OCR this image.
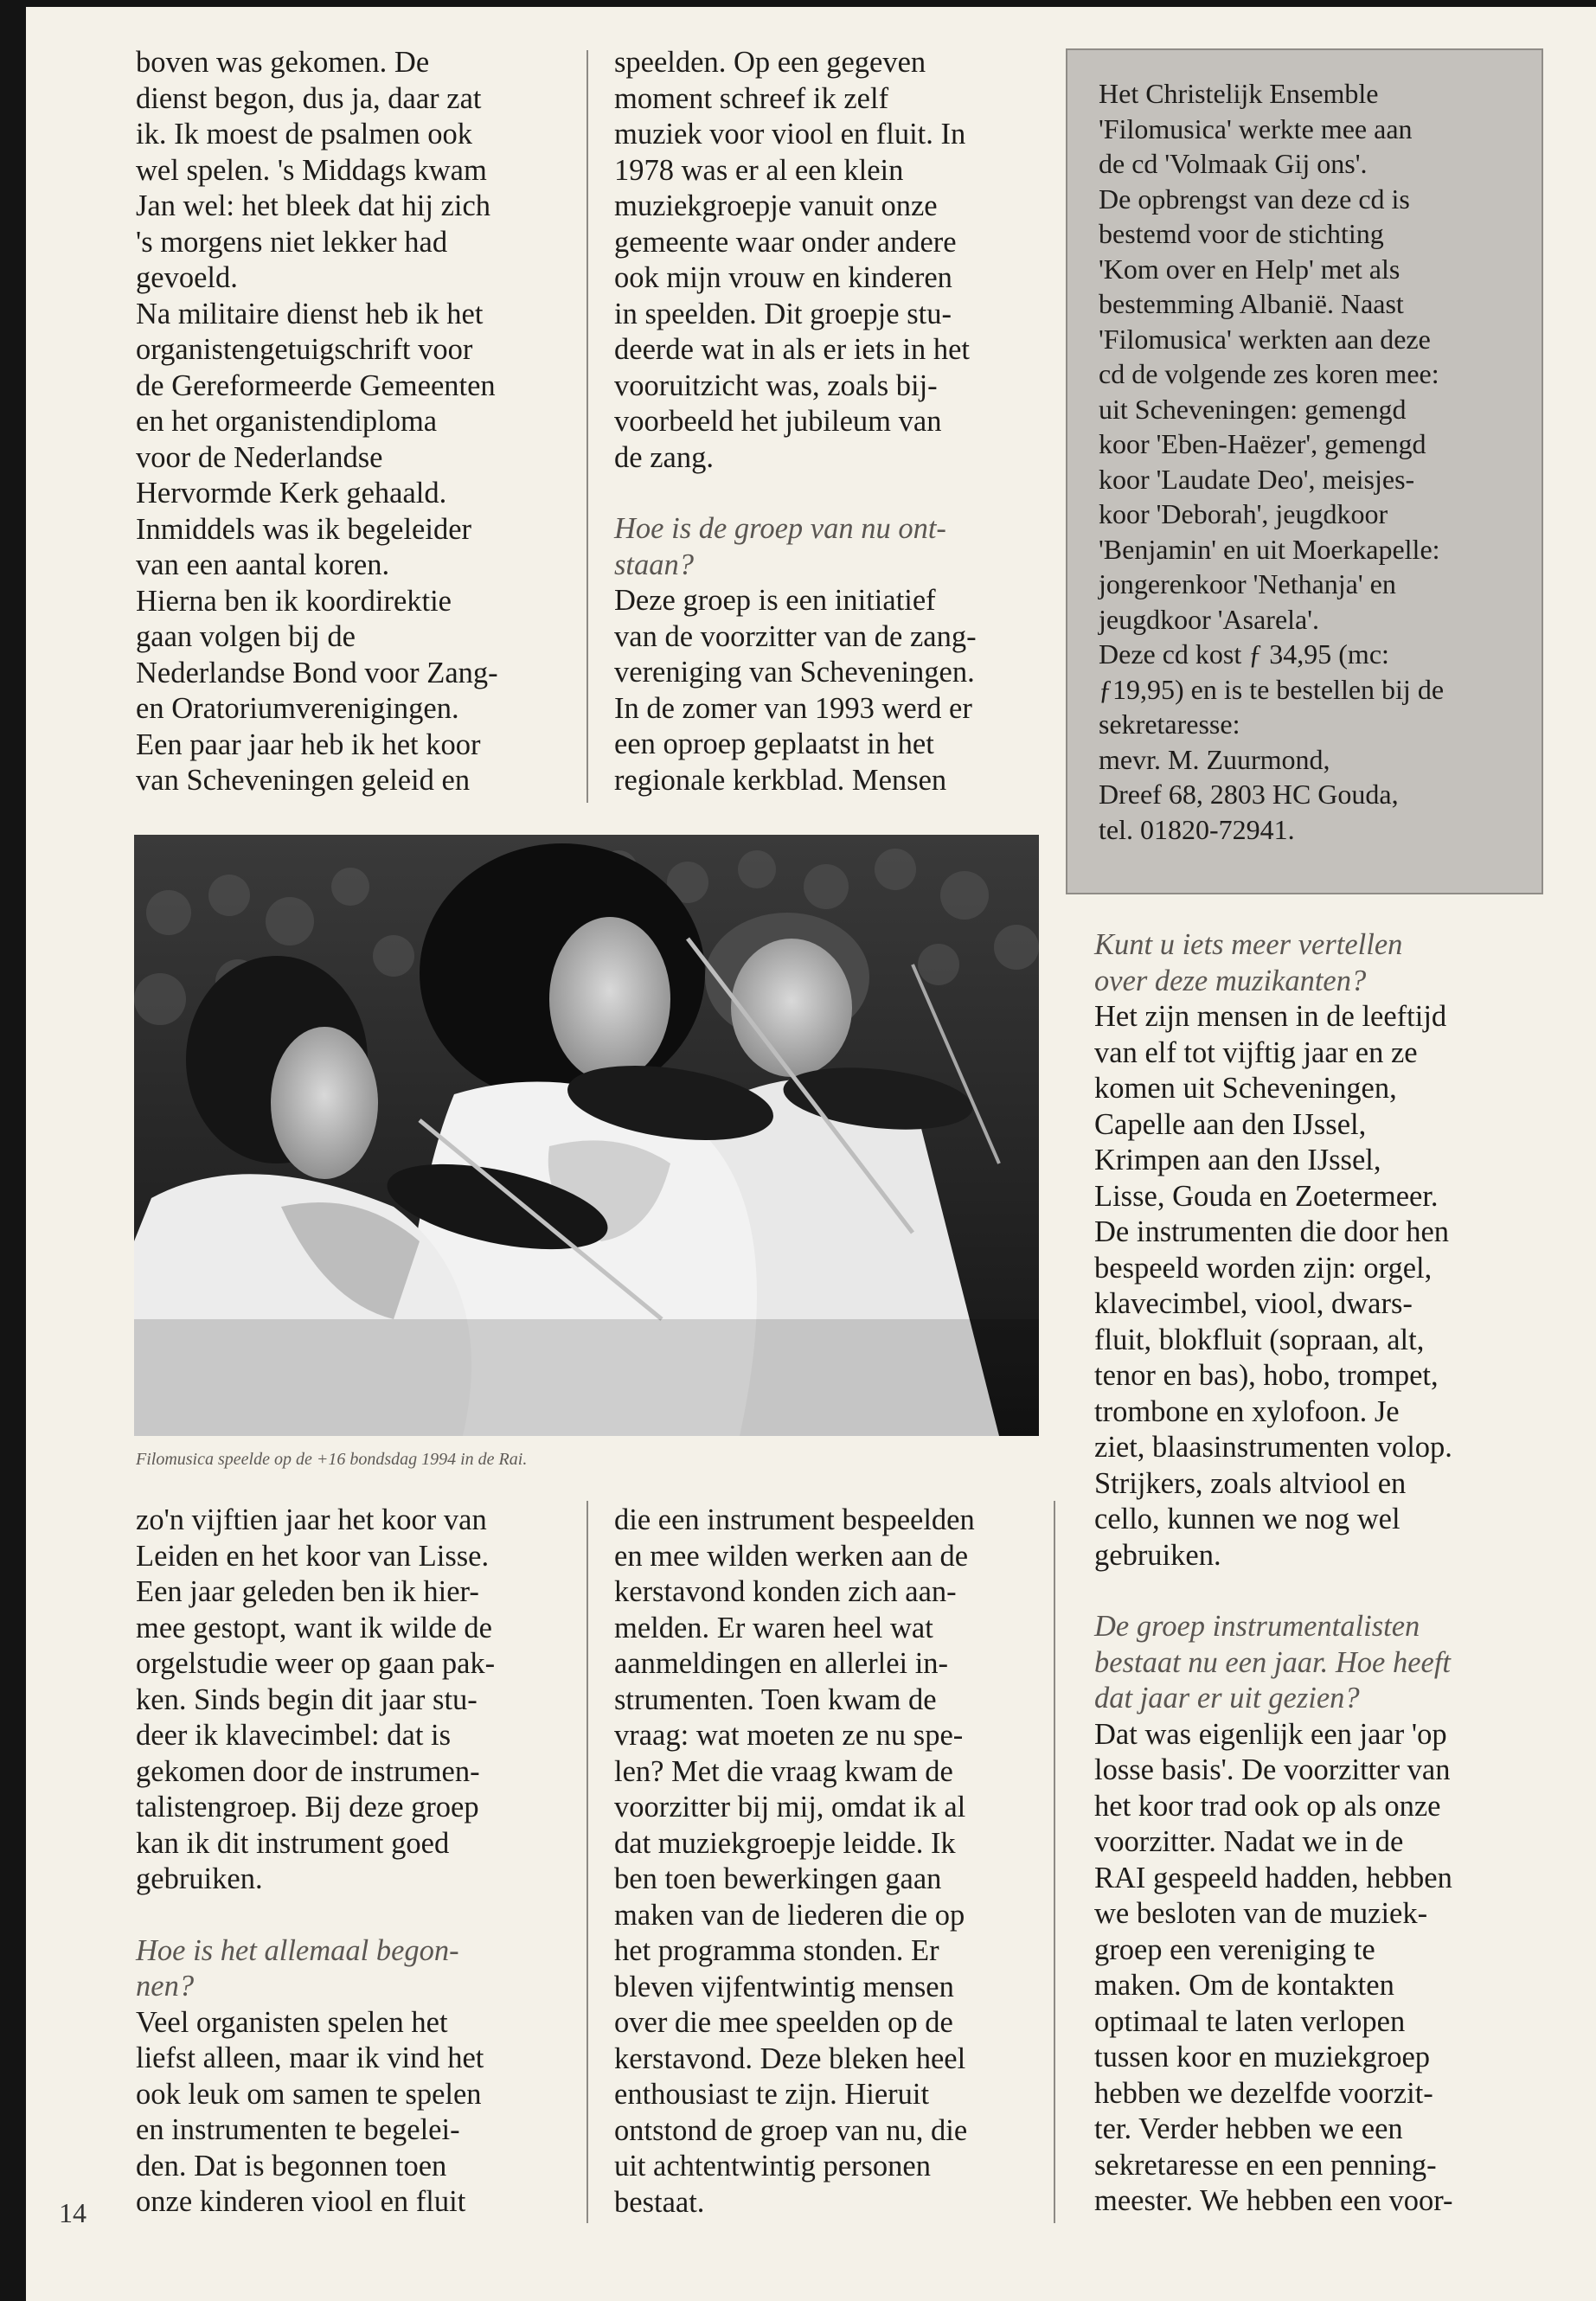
boven was gekomen. De
dienst begon, dus ja, daar zat
ik. Ik moest de psalmen ook
wel spelen. 's Middags kwam
Jan wel: het bleek dat hij zich
's morgens niet lekker had
gevoeld.
Na militaire dienst heb ik het
organistengetuigschrift voor
de Gereformeerde Gemeenten
en het organistendiploma
voor de Nederlandse
Hervormde Kerk gehaald.
Inmiddels was ik begeleider
van een aantal koren.
Hierna ben ik koordirektie
gaan volgen bij de
Nederlandse Bond voor Zang-
en Oratoriumverenigingen.
Een paar jaar heb ik het koor
van Scheveningen geleid en
speelden. Op een gegeven
moment schreef ik zelf
muziek voor viool en fluit. In
1978 was er al een klein
muziekgroepje vanuit onze
gemeente waar onder andere
ook mijn vrouw en kinderen
in speelden. Dit groepje stu-
deerde wat in als er iets in het
vooruitzicht was, zoals bij-
voorbeeld het jubileum van
de zang.

Hoe is de groep van nu ont-
staan?

Deze groep is een initiatief
van de voorzitter van de zang-
vereniging van Scheveningen.
In de zomer van 1993 werd er
een oproep geplaatst in het
regionale kerkblad. Mensen
Het Christelijk Ensemble
'Filomusica' werkte mee aan
de cd 'Volmaak Gij ons'.
De opbrengst van deze cd is
bestemd voor de stichting
'Kom over en Help' met als
bestemming Albanië. Naast
'Filomusica' werkten aan deze
cd de volgende zes koren mee:
uit Scheveningen: gemengd
koor 'Eben-Haëzer', gemengd
koor 'Laudate Deo', meisjes-
koor 'Deborah', jeugdkoor
'Benjamin' en uit Moerkapelle:
jongerenkoor 'Nethanja' en
jeugdkoor 'Asarela'.
Deze cd kost ƒ 34,95 (mc:
ƒ19,95) en is te bestellen bij de
sekretaresse:
mevr. M. Zuurmond,
Dreef 68, 2803 HC Gouda,
tel. 01820-72941.
Filomusica speelde op de +16 bondsdag 1994 in de Rai.

Kunt u iets meer vertellen
over deze muzikanten?

Het zijn mensen in de leeftijd
van elf tot vijftig jaar en ze
komen uit Scheveningen,
Capelle aan den IJssel,
Krimpen aan den IJssel,
Lisse, Gouda en Zoetermeer.
De instrumenten die door hen
bespeeld worden zijn: orgel,
klavecimbel, viool, dwars-
fluit, blokfluit (sopraan, alt,
tenor en bas), hobo, trompet,
trombone en xylofoon. Je
ziet, blaasinstrumenten volop.
Strijkers, zoals altviool en
cello, kunnen we nog wel
gebruiken.

De groep instrumentalisten
bestaat nu een jaar. Hoe heeft
dat jaar er uit gezien?

Dat was eigenlijk een jaar 'op
losse basis'. De voorzitter van
het koor trad ook op als onze
voorzitter. Nadat we in de
RAI gespeeld hadden, hebben
we besloten van de muziek-
groep een vereniging te
maken. Om de kontakten
optimaal te laten verlopen
tussen koor en muziekgroep
hebben we dezelfde voorzit-
ter. Verder hebben we een
sekretaresse en een penning-
meester. We hebben een voor-
zo'n vijftien jaar het koor van
Leiden en het koor van Lisse.
Een jaar geleden ben ik hier-
mee gestopt, want ik wilde de
orgelstudie weer op gaan pak-
ken. Sinds begin dit jaar stu-
deer ik klavecimbel: dat is
gekomen door de instrumen-
talistengroep. Bij deze groep
kan ik dit instrument goed
gebruiken.

Hoe is het allemaal begon-
nen?

Veel organisten spelen het
liefst alleen, maar ik vind het
ook leuk om samen te spelen
en instrumenten te begelei-
den. Dat is begonnen toen
onze kinderen viool en fluit
die een instrument bespeelden
en mee wilden werken aan de
kerstavond konden zich aan-
melden. Er waren heel wat
aanmeldingen en allerlei in-
strumenten. Toen kwam de
vraag: wat moeten ze nu spe-
len? Met die vraag kwam de
voorzitter bij mij, omdat ik al
dat muziekgroepje leidde. Ik
ben toen bewerkingen gaan
maken van de liederen die op
het programma stonden. Er
bleven vijfentwintig mensen
over die mee speelden op de
kerstavond. Deze bleken heel
enthousiast te zijn. Hieruit
ontstond de groep van nu, die
uit achtentwintig personen
bestaat.
14
